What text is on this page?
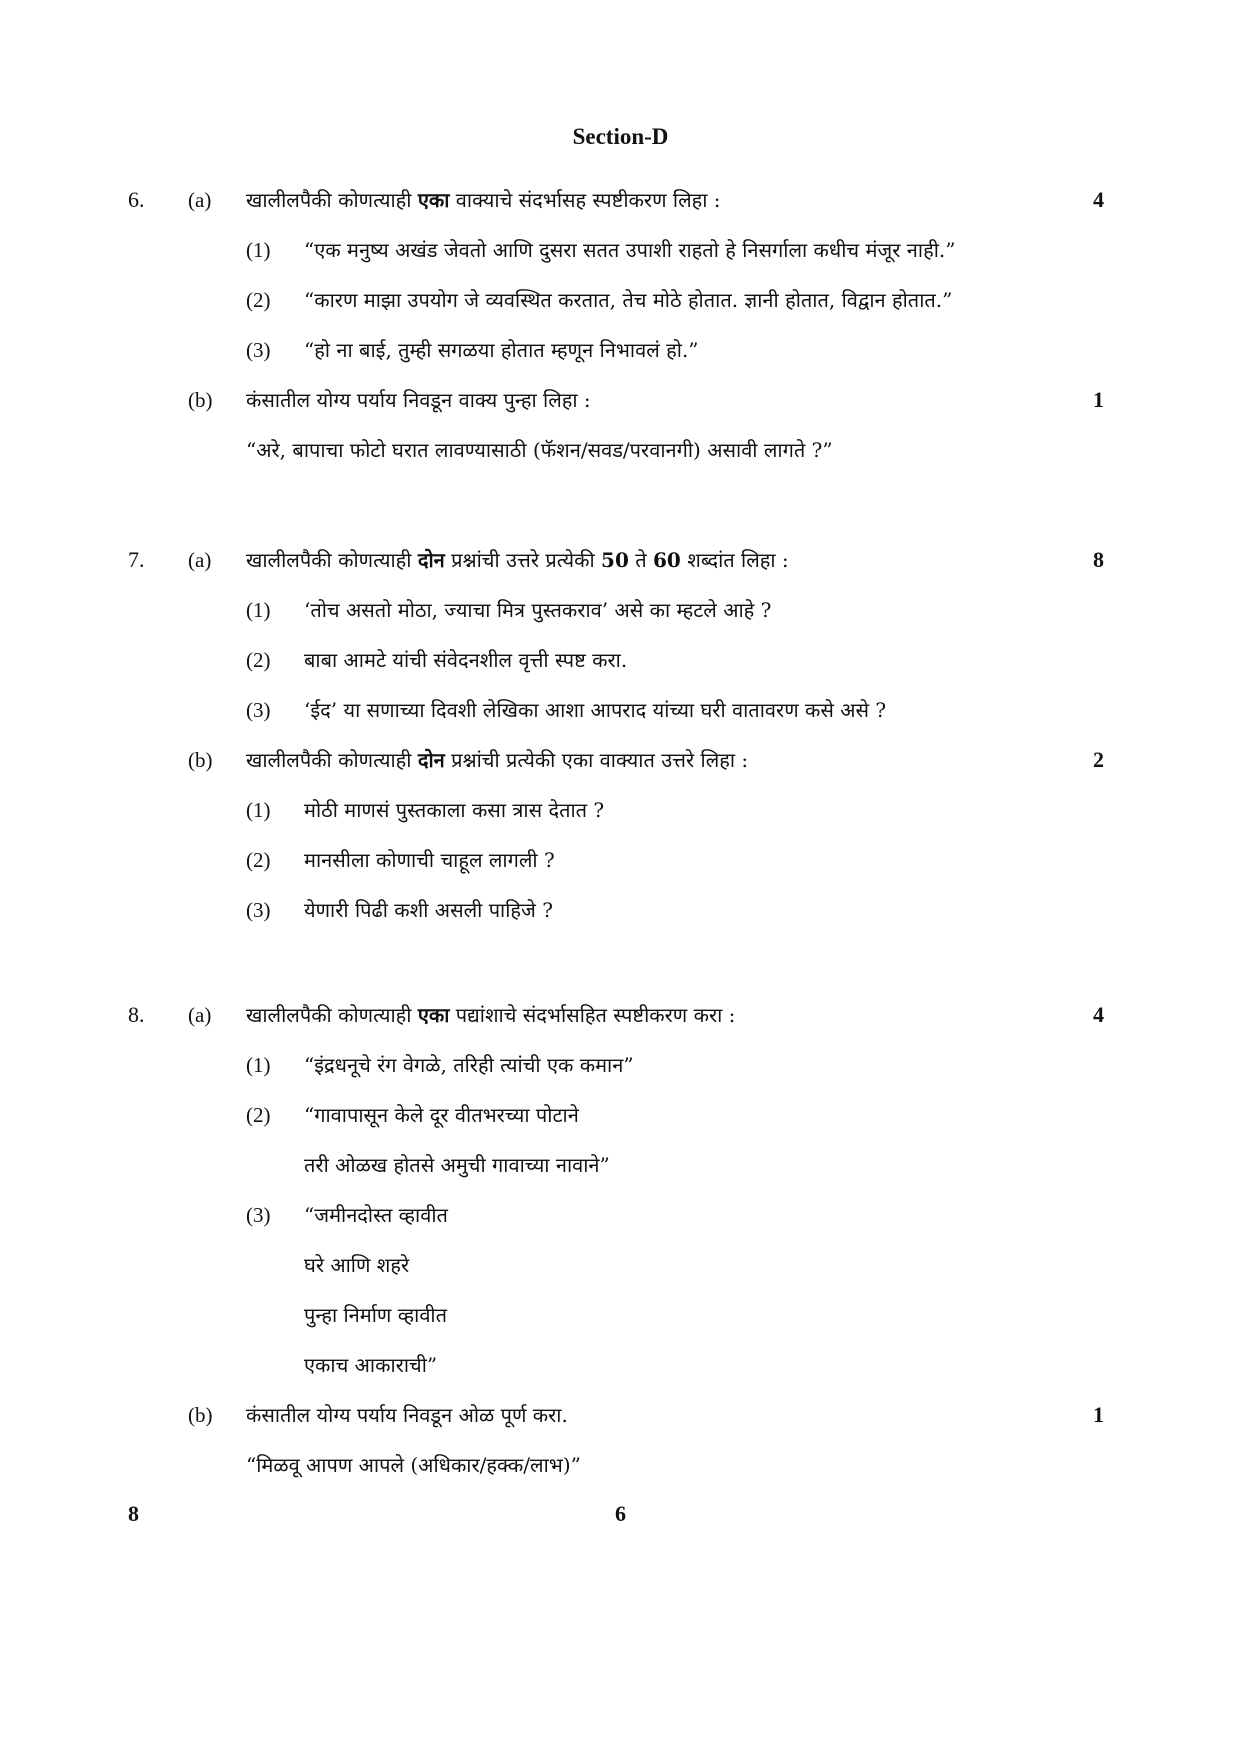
Section-D
6. (a) खालीलपैकी कोणत्याही एका वाक्याचे संदर्भासह स्पष्टीकरण लिहा :	4
(1) “एक मनुष्य अखंड जेवतो आणि दुसरा सतत उपाशी राहतो हे निसर्गाला कधीच मंजूर नाही.”
(2) “कारण माझा उपयोग जे व्यवस्थित करतात, तेच मोठे होतात. ज्ञानी होतात, विद्वान होतात.”
(3) “हो ना बाई, तुम्ही सगळया होतात म्हणून निभावलं हो.”
(b) कंसातील योग्य पर्याय निवडून वाक्य पुन्हा लिहा :	1
“अरे, बापाचा फोटो घरात लावण्यासाठी (फॅशन/सवड/परवानगी) असावी लागते ?”
7. (a) खालीलपैकी कोणत्याही दोन प्रश्नांची उत्तरे प्रत्येकी 50 ते 60 शब्दांत लिहा :	8
(1) ‘तोच असतो मोठा, ज्याचा मित्र पुस्तकराव’ असे का म्हटले आहे ?
(2) बाबा आमटे यांची संवेदनशील वृत्ती स्पष्ट करा.
(3) ‘ईद’ या सणाच्या दिवशी लेखिका आशा आपराद यांच्या घरी वातावरण कसे असे ?
(b) खालीलपैकी कोणत्याही दोन प्रश्नांची प्रत्येकी एका वाक्यात उत्तरे लिहा :	2
(1) मोठी माणसं पुस्तकाला कसा त्रास देतात ?
(2) मानसीला कोणाची चाहूल लागली ?
(3) येणारी पिढी कशी असली पाहिजे ?
8. (a) खालीलपैकी कोणत्याही एका पद्यांशाचे संदर्भासहित स्पष्टीकरण करा :	4
(1) “इंद्रधनूचे रंग वेगळे, तरिही त्यांची एक कमान”
(2) “गावापासून केले दूर वीतभरच्या पोटाने
तरी ओळख होतसे अमुची गावाच्या नावाने”
(3) “जमीनदोस्त व्हावीत
घरे आणि शहरे
पुन्हा निर्माण व्हावीत
एकाच आकाराची”
(b) कंसातील योग्य पर्याय निवडून ओळ पूर्ण करा.	1
“मिळवू आपण आपले (अधिकार/हक्क/लाभ)”
8	6
